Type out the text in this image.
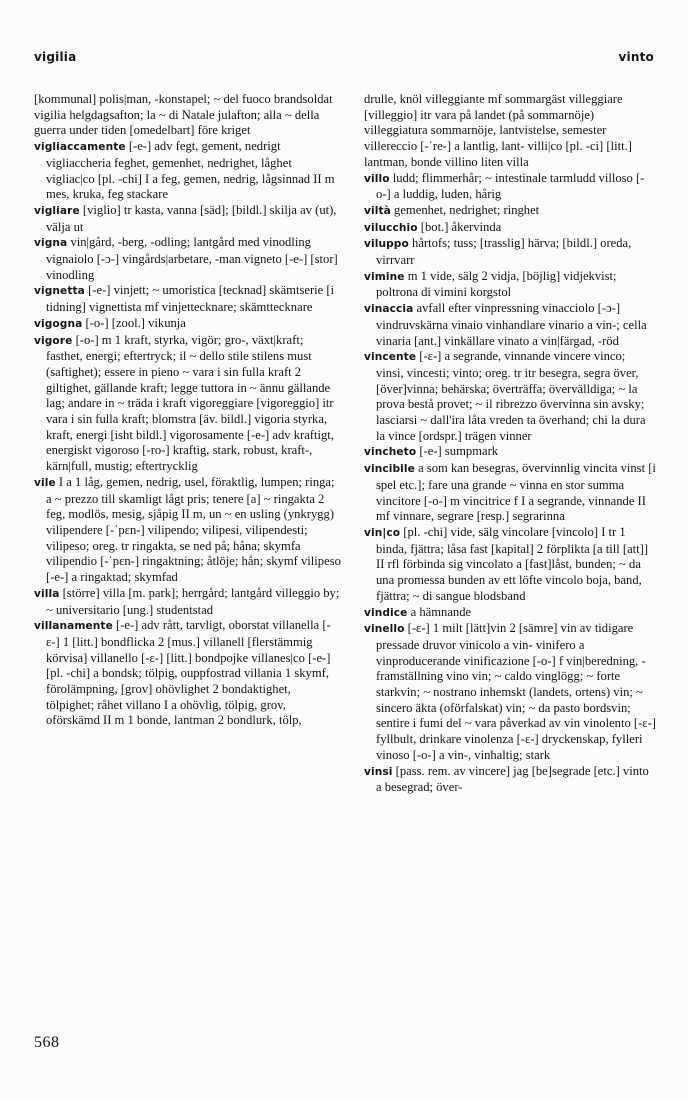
vigilia	vinto

[kommunal] polis|man, -konstapel; ~ del fuoco brandsoldat vigilia helgdagsafton; la ~ di Natale julafton; alla ~ della guerra under tiden [omedelbart] före kriget

vigliaccamente [-e-] adv fegt, gement, nedrigt vigliaccheria feghet, gemenhet, nedrighet, låghet vigliac|co [pl. -chi] I a feg, gemen, nedrig, lågsinnad II m mes, kruka, feg stackare

vigliare [viglio] tr kasta, vanna [säd]; [bildl.] skilja av (ut), välja ut

vigna vin|gård, -berg, -odling; lantgård med vinodling vignaiolo [-ɔ-] vingårds|arbetare, -man vigneto [-e-] [stor] vinodling

vignetta [-e-] vinjett; ~ umoristica [tecknad] skämtserie [i tidning] vignettista mf vinjettecknare; skämttecknare

vigogna [-o-] [zool.] vikunja

vigore [-o-] m 1 kraft, styrka, vigör; gro-, växt|kraft; fasthet, energi; eftertryck; il ~ dello stile stilens must (saftighet); essere in pieno ~ vara i sin fulla kraft 2 giltighet, gällande kraft; legge tuttora in ~ ännu gällande lag; andare in ~ träda i kraft vigoreggiare [vigoreggio] itr vara i sin fulla kraft; blomstra [äv. bildl.] vigoria styrka, kraft, energi [isht bildl.] vigorosamente [-e-] adv kraftigt, energiskt vigoroso [-ro-] kraftig, stark, robust, kraft-, kärn|full, mustig; eftertrycklig

vile I a 1 låg, gemen, nedrig, usel, föraktlig, lumpen; ringa; a ~ prezzo till skamligt lågt pris; tenere [a] ~ ringakta 2 feg, modlös, mesig, sjåpig II m, un ~ en usling (ynkrygg) vilipendere [-ˈpɛn-] vilipendo; vilipesi, vilipendesti; vilipeso; oreg. tr ringakta, se ned på; håna; skymfa vilipendio [-ˈpɛn-] ringaktning; åtlöje; hån; skymf vilipeso [-e-] a ringaktad; skymfad

villa [större] villa [m. park]; herrgård; lantgård villeggio by; ~ universitario [ung.] studentstad

villanamente [-e-] adv rått, tarvligt, oborstat villanella [-ɛ-] 1 [litt.] bondflicka 2 [mus.] villanell [flerstämmig körvisa] villanello [-ɛ-] [litt.] bondpojke villanes|co [-e-] [pl. -chi] a bondsk; tölpig, ouppfostrad villania 1 skymf, förolämpning, [grov] ohövlighet 2 bondaktighet, tölpighet; råhet villano I a ohövlig, tölpig, grov, oförskämd II m 1 bonde, lantman 2 bondlurk, tölp,

drulle, knöl villeggiante mf sommargäst villeggiare [villeggio] itr vara på landet (på sommarnöje) villeggiatura sommarnöje, lantvistelse, semester villereccio [-ˈre-] a lantlig, lant- villi|co [pl. -ci] [litt.] lantman, bonde villino liten villa

villo ludd; flimmerhår; ~ intestinale tarmludd villoso [-o-] a luddig, luden, hårig

viltà gemenhet, nedrighet; ringhet

vilucchio [bot.] åkervinda

viluppo hårtofs; tuss; [trasslig] härva; [bildl.] oreda, virrvarr

vimine m 1 vide, sälg 2 vidja, [böjlig] vidjekvist; poltrona di vimini korgstol

vinaccia avfall efter vinpressning vinacciolo [-ɔ-] vindruvskärna vinaio vinhandlare vinario a vin-; cella vinaria [ant.] vinkällare vinato a vin|färgad, -röd

vincente [-ɛ-] a segrande, vinnande vincere vinco; vinsi, vincesti; vinto; oreg. tr itr besegra, segra över, [över]vinna; behärska; överträffa; övervälldiga; ~ la prova bestå provet; ~ il ribrezzo övervinna sin avsky; lasciarsi ~ dall'ira låta vreden ta överhand; chi la dura la vince [ordspr.] trägen vinner

vincheto [-e-] sumpmark

vincibile a som kan besegras, övervinnlig vincita vinst [i spel etc.]; fare una grande ~ vinna en stor summa vincitore [-o-] m vincitrice f I a segrande, vinnande II mf vinnare, segrare [resp.] segrarinna

vin|co [pl. -chi] vide, sälg vincolare [vincolo] I tr 1 binda, fjättra; låsa fast [kapital] 2 förplikta [a till [att]] II rfl förbinda sig vincolato a [fast]låst, bunden; ~ da una promessa bunden av ett löfte vincolo boja, band, fjättra; ~ di sangue blodsband

vindice a hämnande

vinello [-ɛ-] 1 milt [lätt]vin 2 [sämre] vin av tidigare pressade druvor vinicolo a vin- vinifero a vinproducerande vinificazione [-o-] f vin|beredning, -framställning vino vin; ~ caldo vinglögg; ~ forte starkvin; ~ nostrano inhemskt (landets, ortens) vin; ~ sincero äkta (oförfalskat) vin; ~ da pasto bordsvin; sentire i fumi del ~ vara påverkad av vin vinolento [-ɛ-] fyllbult, drinkare vinolenza [-ɛ-] dryckenskap, fylleri vinoso [-o-] a vin-, vinhaltig; stark

vinsi [pass. rem. av vincere] jag [be]segrade [etc.] vinto a besegrad; över-

568
